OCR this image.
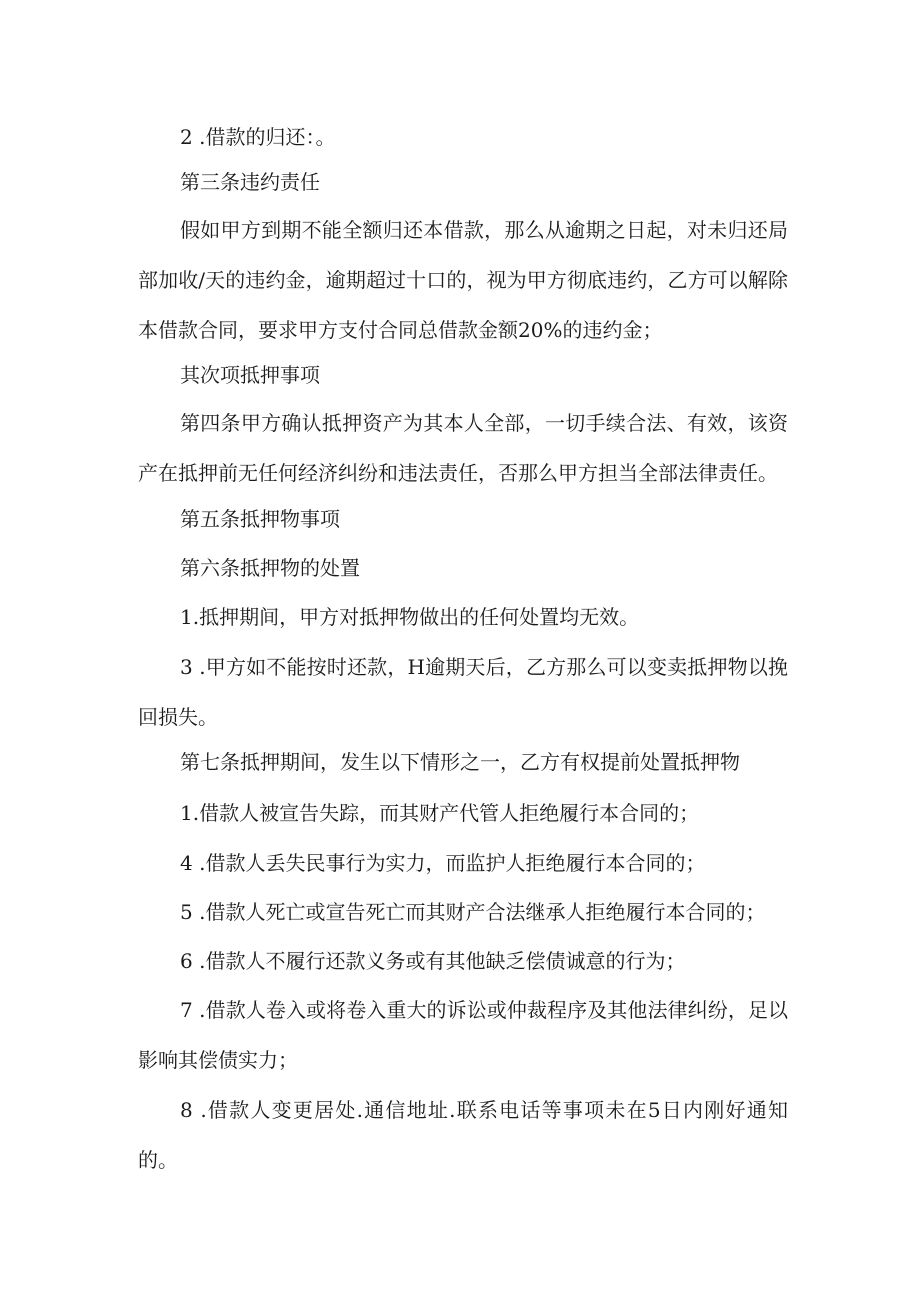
2 .借款的归还：。

第三条违约责任

假如甲方到期不能全额归还本借款，那么从逾期之日起，对未归还局部加收/天的违约金，逾期超过十口的，视为甲方彻底违约，乙方可以解除本借款合同，要求甲方支付合同总借款金额20%的违约金；

其次项抵押事项

第四条甲方确认抵押资产为其本人全部，一切手续合法、有效，该资产在抵押前无任何经济纠纷和违法责任，否那么甲方担当全部法律责任。

第五条抵押物事项

第六条抵押物的处置

1.抵押期间，甲方对抵押物做出的任何处置均无效。

3 .甲方如不能按时还款，H逾期天后，乙方那么可以变卖抵押物以挽回损失。

第七条抵押期间，发生以下情形之一，乙方有权提前处置抵押物

1.借款人被宣告失踪，而其财产代管人拒绝履行本合同的；

4 .借款人丢失民事行为实力，而监护人拒绝履行本合同的；

5 .借款人死亡或宣告死亡而其财产合法继承人拒绝履行本合同的；

6 .借款人不履行还款义务或有其他缺乏偿债诚意的行为；

7 .借款人卷入或将卷入重大的诉讼或仲裁程序及其他法律纠纷，足以影响其偿债实力；

8 .借款人变更居处.通信地址.联系电话等事项未在5日内刚好通知的。
